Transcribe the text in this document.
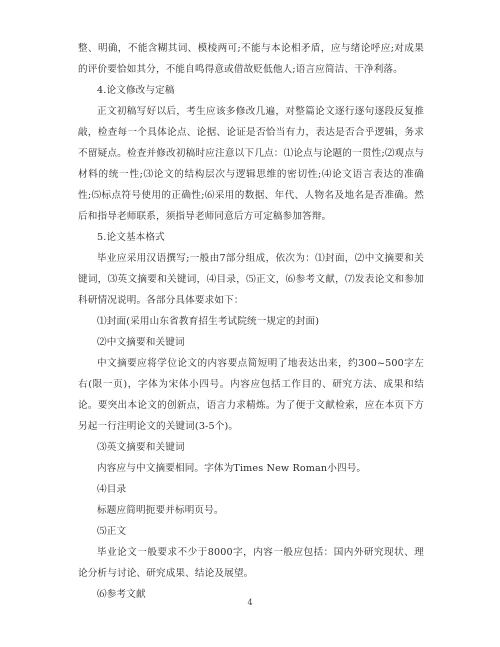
整、明确，不能含糊其词、模棱两可;不能与本论相矛盾，应与绪论呼应;对成果的评价要恰如其分，不能自鸣得意或借故贬低他人;语言应简洁、干净利落。

4.论文修改与定稿

正文初稿写好以后，考生应该多修改几遍，对整篇论文逐行逐句逐段反复推敲，检查每一个具体论点、论据、论证是否恰当有力，表达是否合乎逻辑，务求不留疑点。检查并修改初稿时应注意以下几点：⑴论点与论题的一贯性;⑵观点与材料的统一性;⑶论文的结构层次与逻辑思维的密切性;⑷论文语言表达的准确性;⑸标点符号使用的正确性;⑹采用的数据、年代、人物名及地名是否准确。然后和指导老师联系，须指导老师同意后方可定稿参加答辩。

5.论文基本格式

毕业应采用汉语撰写;一般由7部分组成，依次为：⑴封面，⑵中文摘要和关键词，⑶英文摘要和关键词，⑷目录，⑸正文，⑹参考文献，⑺发表论文和参加科研情况说明。各部分具体要求如下：

⑴封面(采用山东省教育招生考试院统一规定的封面)

⑵中文摘要和关键词

中文摘要应将学位论文的内容要点简短明了地表达出来，约300~500字左右(限一页)，字体为宋体小四号。内容应包括工作目的、研究方法、成果和结论。要突出本论文的创新点，语言力求精炼。为了便于文献检索，应在本页下方另起一行注明论文的关键词(3-5个)。

⑶英文摘要和关键词

内容应与中文摘要相同。字体为Times New Roman小四号。

⑷目录

标题应简明扼要并标明页号。

⑸正文

毕业论文一般要求不少于8000字，内容一般应包括：国内外研究现状、理论分析与讨论、研究成果、结论及展望。

⑹参考文献

4
